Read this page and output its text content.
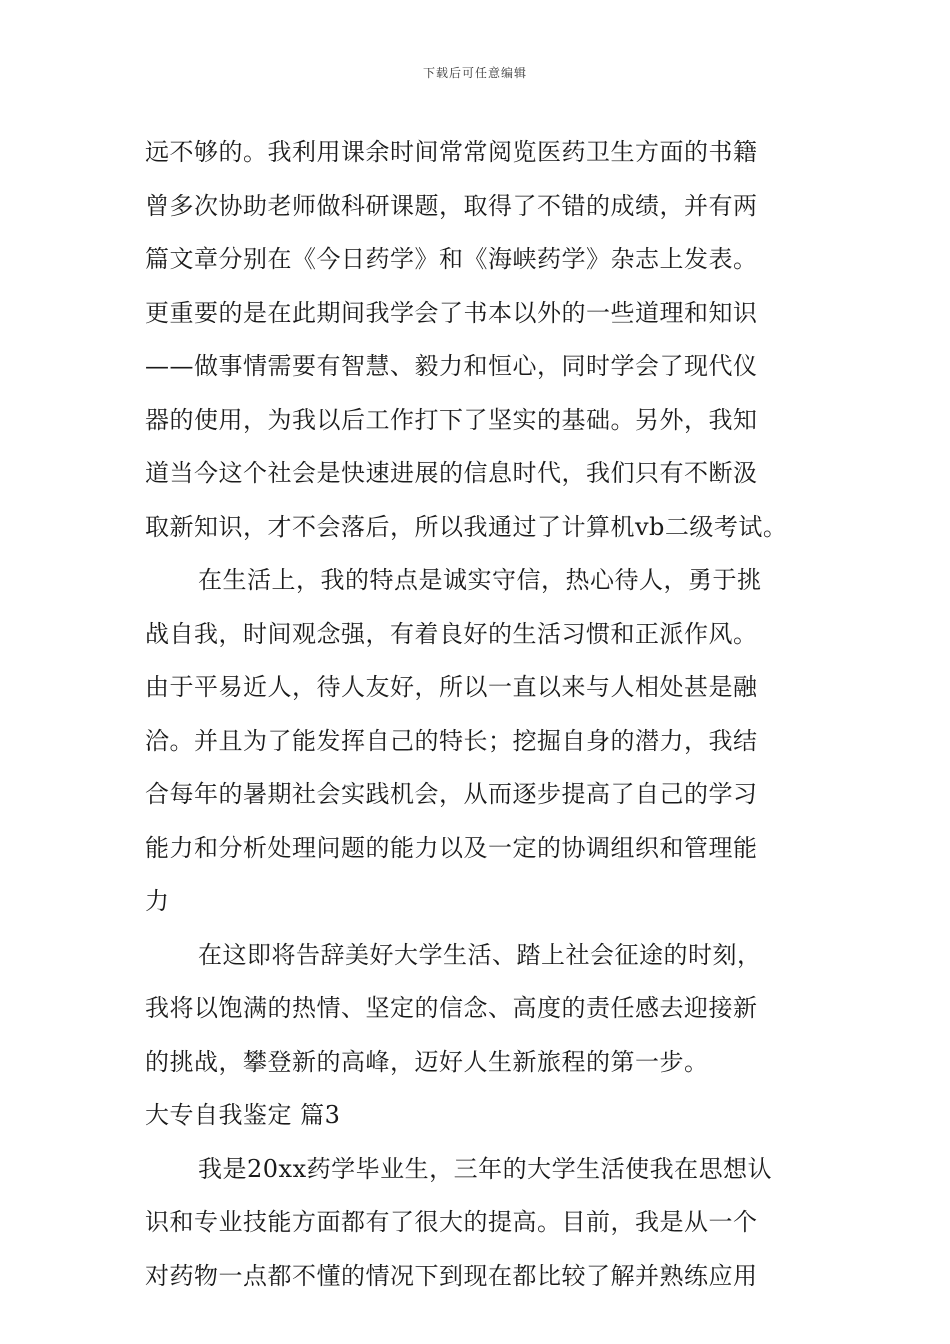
下载后可任意编辑
远不够的。我利用课余时间常常阅览医药卫生方面的书籍
曾多次协助老师做科研课题，取得了不错的成绩，并有两
篇文章分别在《今日药学》和《海峡药学》杂志上发表。
更重要的是在此期间我学会了书本以外的一些道理和知识
——做事情需要有智慧、毅力和恒心，同时学会了现代仪
器的使用，为我以后工作打下了坚实的基础。另外，我知
道当今这个社会是快速进展的信息时代，我们只有不断汲
取新知识，才不会落后，所以我通过了计算机vb二级考试。
在生活上，我的特点是诚实守信，热心待人，勇于挑
战自我，时间观念强，有着良好的生活习惯和正派作风。
由于平易近人，待人友好，所以一直以来与人相处甚是融
洽。并且为了能发挥自己的特长；挖掘自身的潜力，我结
合每年的暑期社会实践机会，从而逐步提高了自己的学习
能力和分析处理问题的能力以及一定的协调组织和管理能
力
在这即将告辞美好大学生活、踏上社会征途的时刻，
我将以饱满的热情、坚定的信念、高度的责任感去迎接新
的挑战，攀登新的高峰，迈好人生新旅程的第一步。
大专自我鉴定 篇3
我是20xx药学毕业生，三年的大学生活使我在思想认
识和专业技能方面都有了很大的提高。目前，我是从一个
对药物一点都不懂的情况下到现在都比较了解并熟练应用
